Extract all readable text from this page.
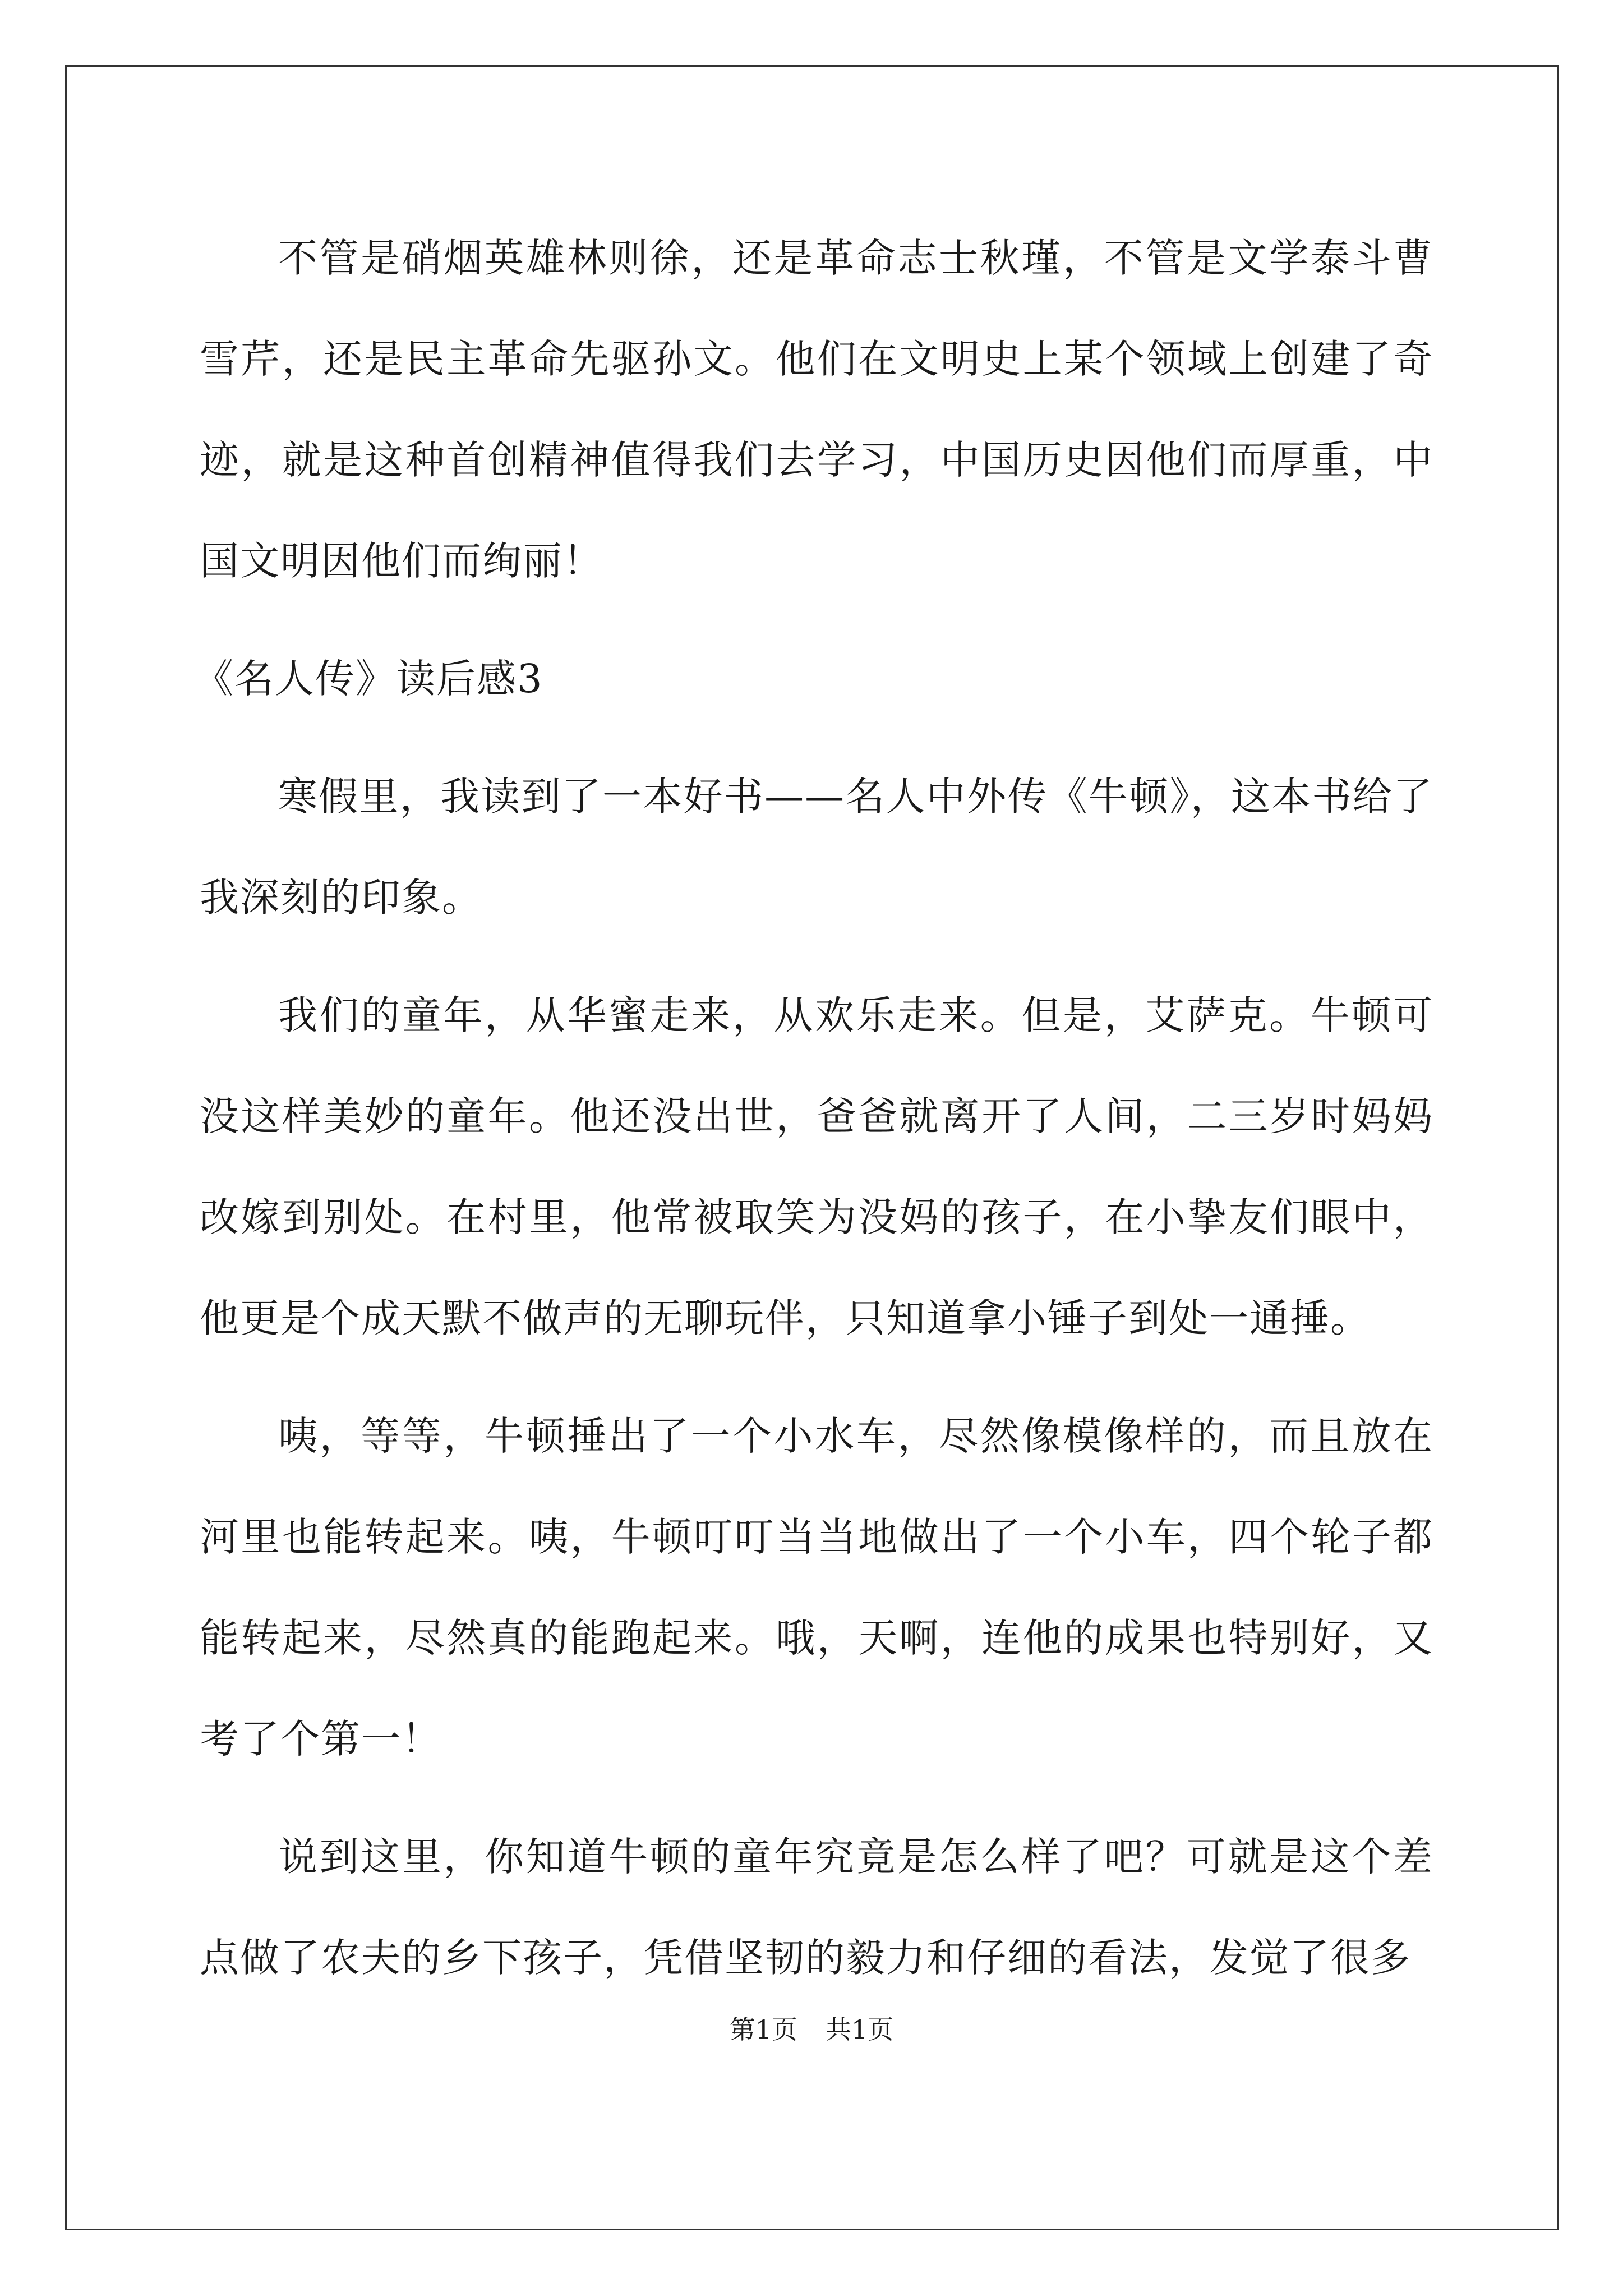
不管是硝烟英雄林则徐，还是革命志士秋瑾，不管是文学泰斗曹雪芹，还是民主革命先驱孙文。他们在文明史上某个领域上创建了奇迹，就是这种首创精神值得我们去学习，中国历史因他们而厚重，中国文明因他们而绚丽！

《名人传》读后感3

寒假里，我读到了一本好书——名人中外传《牛顿》，这本书给了我深刻的印象。

我们的童年，从华蜜走来，从欢乐走来。但是，艾萨克。牛顿可没这样美妙的童年。他还没出世，爸爸就离开了人间，二三岁时妈妈改嫁到别处。在村里，他常被取笑为没妈的孩子，在小挚友们眼中，他更是个成天默不做声的无聊玩伴，只知道拿小锤子到处一通捶。

咦，等等，牛顿捶出了一个小水车，尽然像模像样的，而且放在河里也能转起来。咦，牛顿叮叮当当地做出了一个小车，四个轮子都能转起来，尽然真的能跑起来。哦，天啊，连他的成果也特别好，又考了个第一！

说到这里，你知道牛顿的童年究竟是怎么样了吧？可就是这个差点做了农夫的乡下孩子，凭借坚韧的毅力和仔细的看法，发觉了很多

第1页 共1页
